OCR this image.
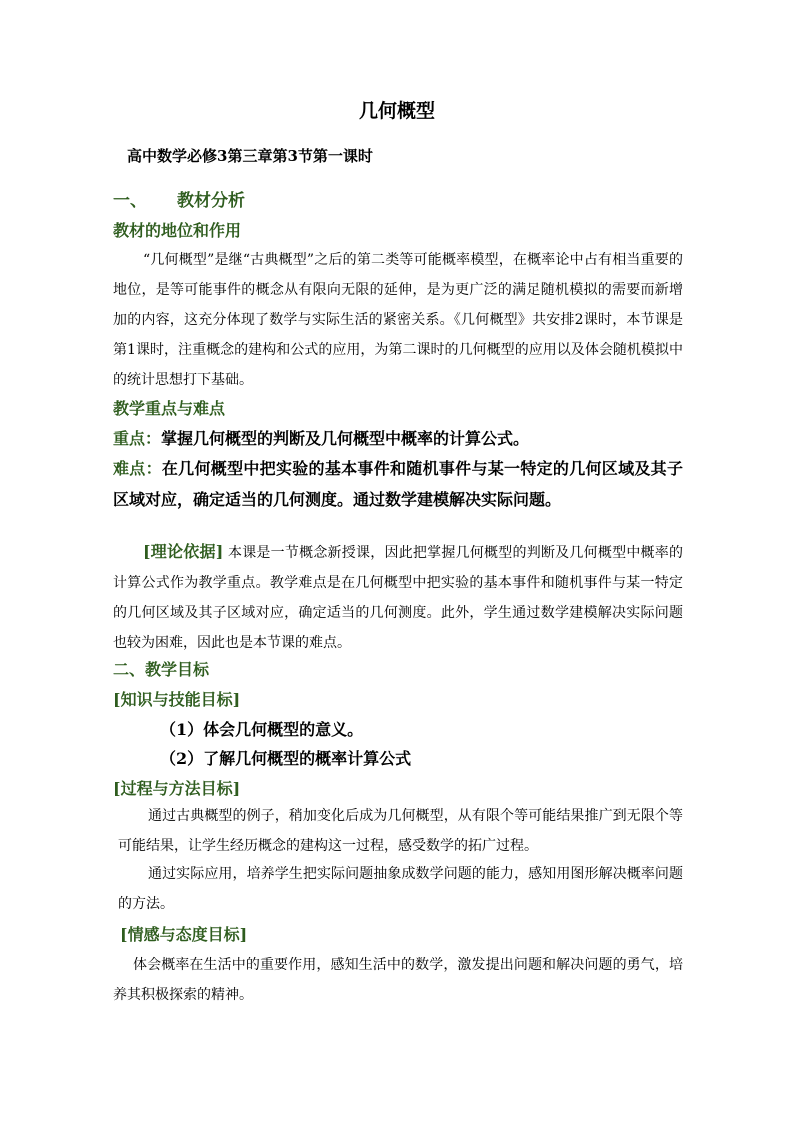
几何概型
高中数学必修3第三章第3节第一课时
一、 教材分析
教材的地位和作用
“几何概型”是继“古典概型”之后的第二类等可能概率模型，在概率论中占有相当重要的地位，是等可能事件的概念从有限向无限的延伸，是为更广泛的满足随机模拟的需要而新增加的内容，这充分体现了数学与实际生活的紧密关系。《几何概型》共安排2课时，本节课是第1课时，注重概念的建构和公式的应用，为第二课时的几何概型的应用以及体会随机模拟中的统计思想打下基础。
教学重点与难点
重点：掌握几何概型的判断及几何概型中概率的计算公式。
难点：在几何概型中把实验的基本事件和随机事件与某一特定的几何区域及其子区域对应，确定适当的几何测度。通过数学建模解决实际问题。
[理论依据] 本课是一节概念新授课，因此把掌握几何概型的判断及几何概型中概率的计算公式作为教学重点。教学难点是在几何概型中把实验的基本事件和随机事件与某一特定的几何区域及其子区域对应，确定适当的几何测度。此外，学生通过数学建模解决实际问题也较为困难，因此也是本节课的难点。
二、教学目标
[知识与技能目标]
（1）体会几何概型的意义。
（2）了解几何概型的概率计算公式
[过程与方法目标]
通过古典概型的例子，稍加变化后成为几何概型，从有限个等可能结果推广到无限个等可能结果，让学生经历概念的建构这一过程，感受数学的拓广过程。
通过实际应用，培养学生把实际问题抽象成数学问题的能力，感知用图形解决概率问题的方法。
[情感与态度目标]
体会概率在生活中的重要作用，感知生活中的数学，激发提出问题和解决问题的勇气，培养其积极探索的精神。
